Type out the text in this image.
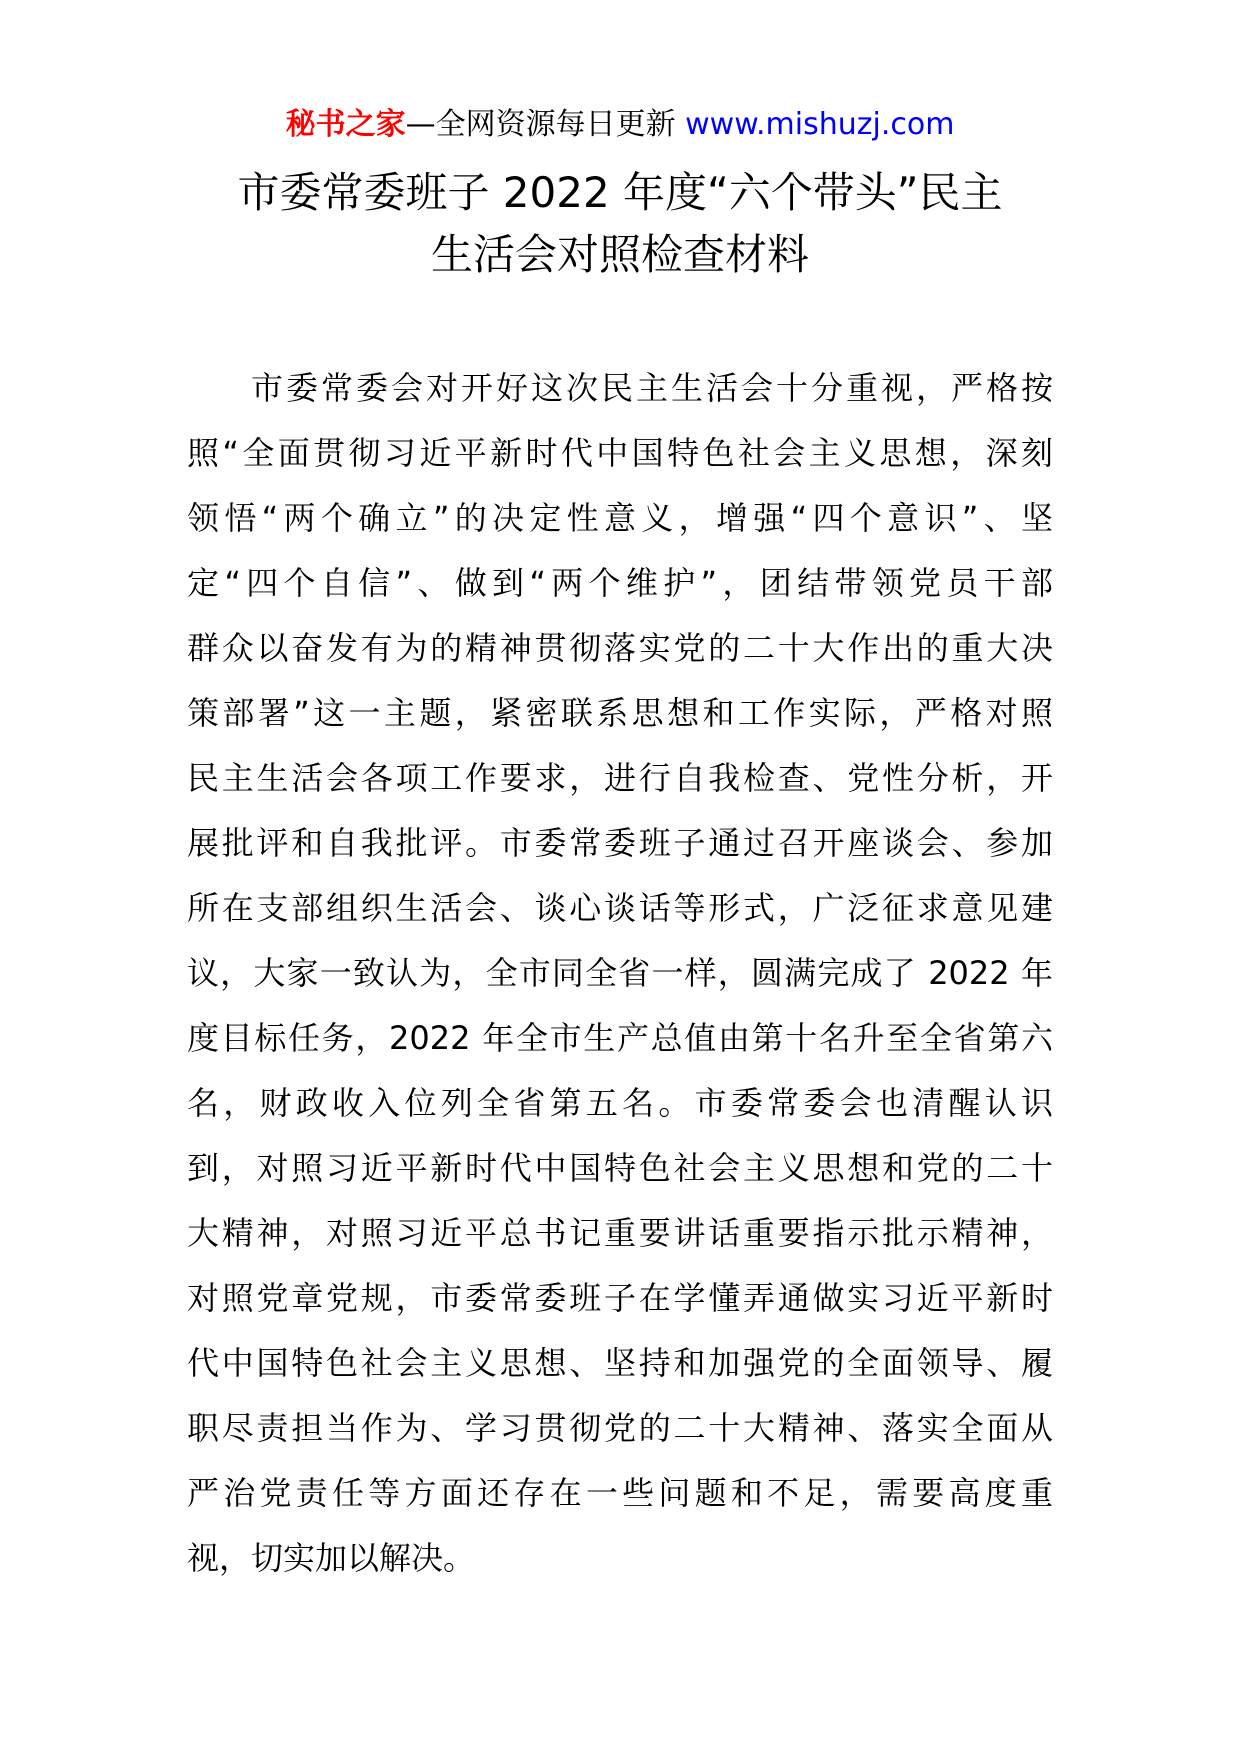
秘书之家—全网资源每日更新 www.mishuzj.com
市委常委班子 2022 年度“六个带头”民主
生活会对照检查材料

市委常委会对开好这次民主生活会十分重视，严格按
照“全面贯彻习近平新时代中国特色社会主义思想，深刻
领悟“两个确立”的决定性意义，增强“四个意识”、坚
定“四个自信”、做到“两个维护”，团结带领党员干部
群众以奋发有为的精神贯彻落实党的二十大作出的重大决
策部署”这一主题，紧密联系思想和工作实际，严格对照
民主生活会各项工作要求，进行自我检查、党性分析，开
展批评和自我批评。市委常委班子通过召开座谈会、参加
所在支部组织生活会、谈心谈话等形式，广泛征求意见建
议，大家一致认为，全市同全省一样，圆满完成了 2022 年
度目标任务，2022 年全市生产总值由第十名升至全省第六
名，财政收入位列全省第五名。市委常委会也清醒认识
到，对照习近平新时代中国特色社会主义思想和党的二十
大精神，对照习近平总书记重要讲话重要指示批示精神，
对照党章党规，市委常委班子在学懂弄通做实习近平新时
代中国特色社会主义思想、坚持和加强党的全面领导、履
职尽责担当作为、学习贯彻党的二十大精神、落实全面从
严治党责任等方面还存在一些问题和不足，需要高度重
视，切实加以解决。
